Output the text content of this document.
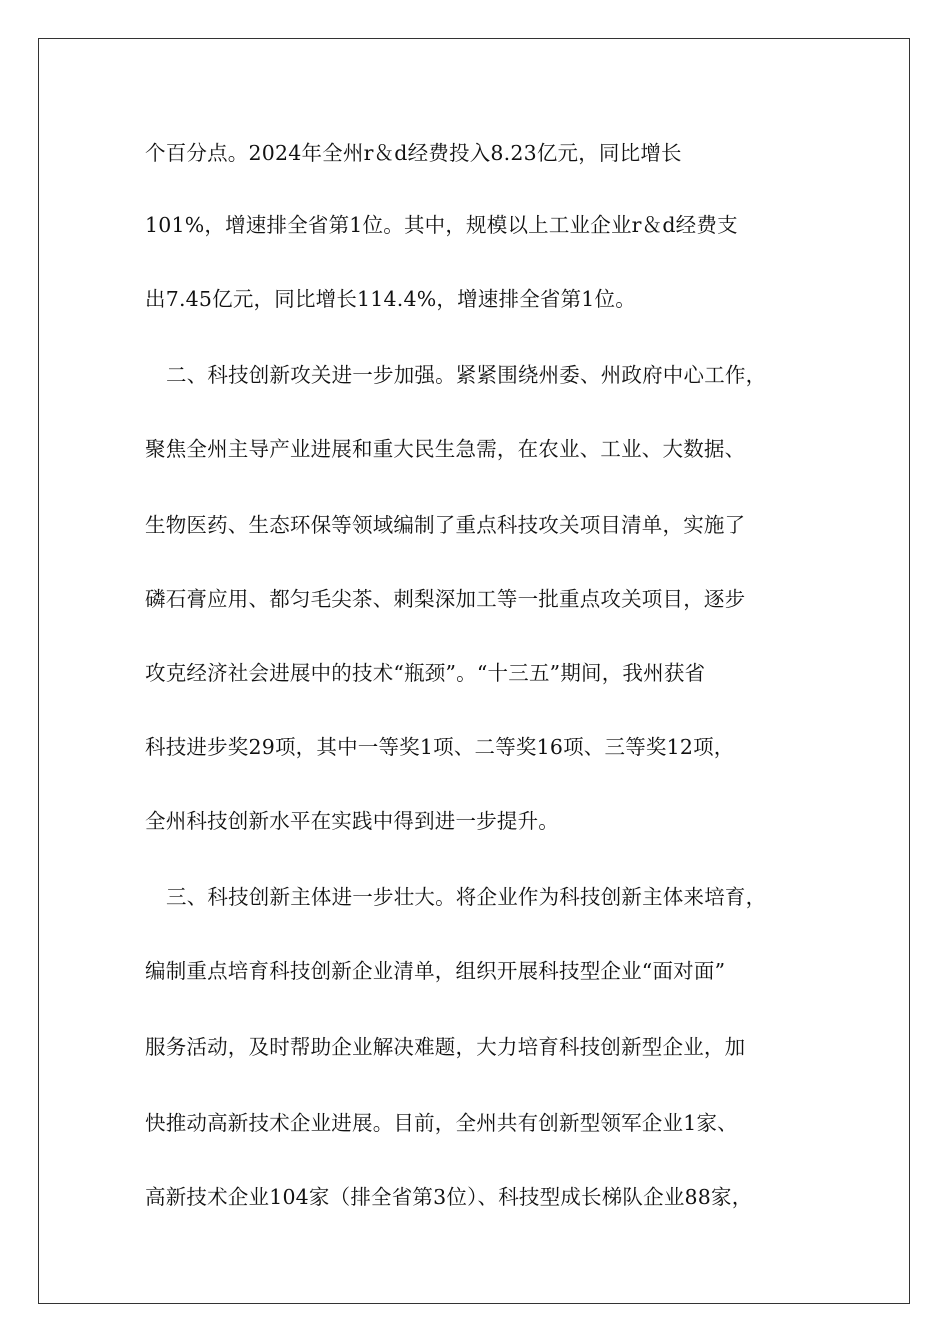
个百分点。2024年全州r＆d经费投入8.23亿元，同比增长
101%，增速排全省第1位。其中，规模以上工业企业r＆d经费支
出7.45亿元，同比增长114.4%，增速排全省第1位。
二、科技创新攻关进一步加强。紧紧围绕州委、州政府中心工作，
聚焦全州主导产业进展和重大民生急需，在农业、工业、大数据、
生物医药、生态环保等领域编制了重点科技攻关项目清单，实施了
磷石膏应用、都匀毛尖茶、刺梨深加工等一批重点攻关项目，逐步
攻克经济社会进展中的技术“瓶颈”。“十三五”期间，我州获省
科技进步奖29项，其中一等奖1项、二等奖16项、三等奖12项，
全州科技创新水平在实践中得到进一步提升。
三、科技创新主体进一步壮大。将企业作为科技创新主体来培育，
编制重点培育科技创新企业清单，组织开展科技型企业“面对面”
服务活动，及时帮助企业解决难题，大力培育科技创新型企业，加
快推动高新技术企业进展。目前，全州共有创新型领军企业1家、
高新技术企业104家（排全省第3位）、科技型成长梯队企业88家，
